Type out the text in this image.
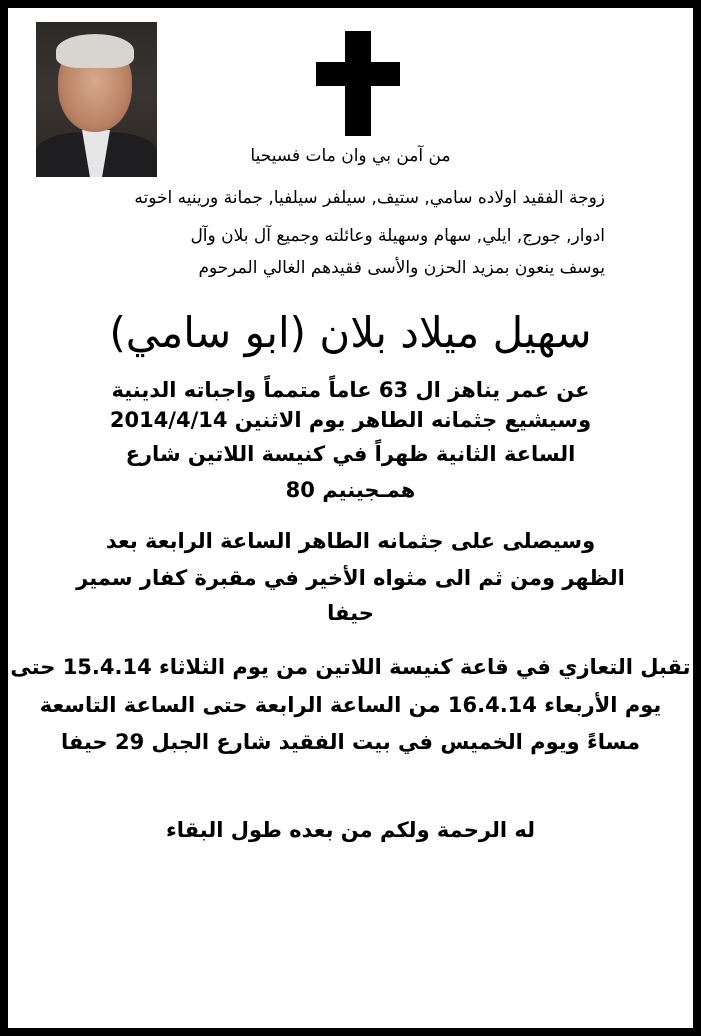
من آمن بي وان مات فسيحيا

زوجة الفقيد اولاده سامي, ستيف, سيلفر سيلفيا, جمانة ورينيه اخوته

ادوار, جورج, ايلي, سهام وسهيلة وعائلته وجميع آل بلان وآل

يوسف ينعون بمزيد الحزن والأسى فقيدهم الغالي المرحوم

سهيل ميلاد بلان (ابو سامي)

عن عمر يناهز ال 63 عاماً متمماً واجباته الدينية

وسيشيع جثمانه الطاهر يوم الاثنين 2014/4/14

الساعة الثانية ظهراً في كنيسة اللاتين شارع

همـجينيم 80

وسيصلى على جثمانه الطاهر الساعة الرابعة بعد

الظهر ومن ثم الى مثواه الأخير في مقبرة كفار سمير

حيفا

تقبل التعازي في قاعة كنيسة اللاتين من يوم الثلاثاء 15.4.14 حتى

يوم الأربعاء 16.4.14 من الساعة الرابعة حتى الساعة التاسعة

مساءً ويوم الخميس في بيت الفقيد شارع الجبل 29 حيفا

له الرحمة ولكم من بعده طول البقاء
